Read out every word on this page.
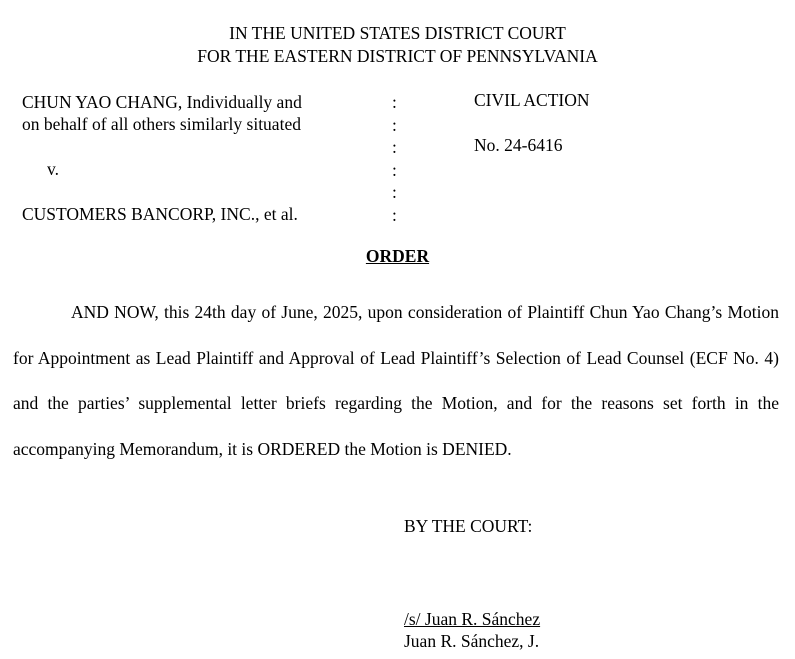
IN THE UNITED STATES DISTRICT COURT
FOR THE EASTERN DISTRICT OF PENNSYLVANIA
CHUN YAO CHANG, Individually and
on behalf of all others similarly situated
v.
CUSTOMERS BANCORP, INC., et al.
:
:
:
:
:
:
CIVIL ACTION
No. 24-6416
ORDER
AND NOW, this 24th day of June, 2025, upon consideration of Plaintiff Chun Yao Chang’s Motion for Appointment as Lead Plaintiff and Approval of Lead Plaintiff’s Selection of Lead Counsel (ECF No. 4) and the parties’ supplemental letter briefs regarding the Motion, and for the reasons set forth in the accompanying Memorandum, it is ORDERED the Motion is DENIED.
BY THE COURT:
/s/ Juan R. Sánchez
Juan R. Sánchez, J.
